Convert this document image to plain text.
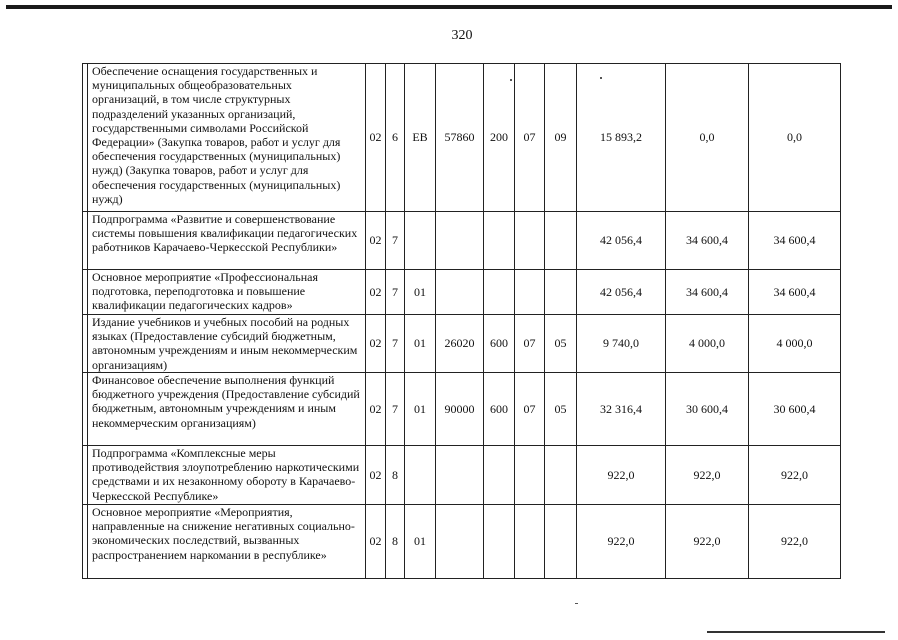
320
	Обеспечение оснащения государственных и муниципальных общеобразовательных организаций, в том числе структурных подразделений указанных организаций, государственными символами Российской Федерации» (Закупка товаров, работ и услуг для обеспечения государственных (муниципальных) нужд) (Закупка товаров, работ и услуг для обеспечения государственных (муниципальных) нужд)	02	6	ЕВ	57860	200	07	09	15 893,2	0,0	0,0
	Подпрограмма «Развитие и совершенствование системы повышения квалификации педагогических работников Карачаево-Черкесской Республики»	02	7						42 056,4	34 600,4	34 600,4
	Основное мероприятие «Профессиональная подготовка, переподготовка и повышение квалификации педагогических кадров»	02	7	01					42 056,4	34 600,4	34 600,4
	Издание учебников и учебных пособий на родных языках (Предоставление субсидий бюджетным, автономным учреждениям и иным некоммерческим организациям)	02	7	01	26020	600	07	05	9 740,0	4 000,0	4 000,0
	Финансовое обеспечение выполнения функций бюджетного учреждения (Предоставление субсидий бюджетным, автономным учреждениям и иным некоммерческим организациям)	02	7	01	90000	600	07	05	32 316,4	30 600,4	30 600,4
	Подпрограмма «Комплексные меры противодействия злоупотреблению наркотическими средствами и их незаконному обороту в Карачаево-Черкесской Республике»	02	8						922,0	922,0	922,0
	Основное мероприятие «Мероприятия, направленные на снижение негативных социально-экономических последствий, вызванных распространением наркомании в республике»	02	8	01					922,0	922,0	922,0
